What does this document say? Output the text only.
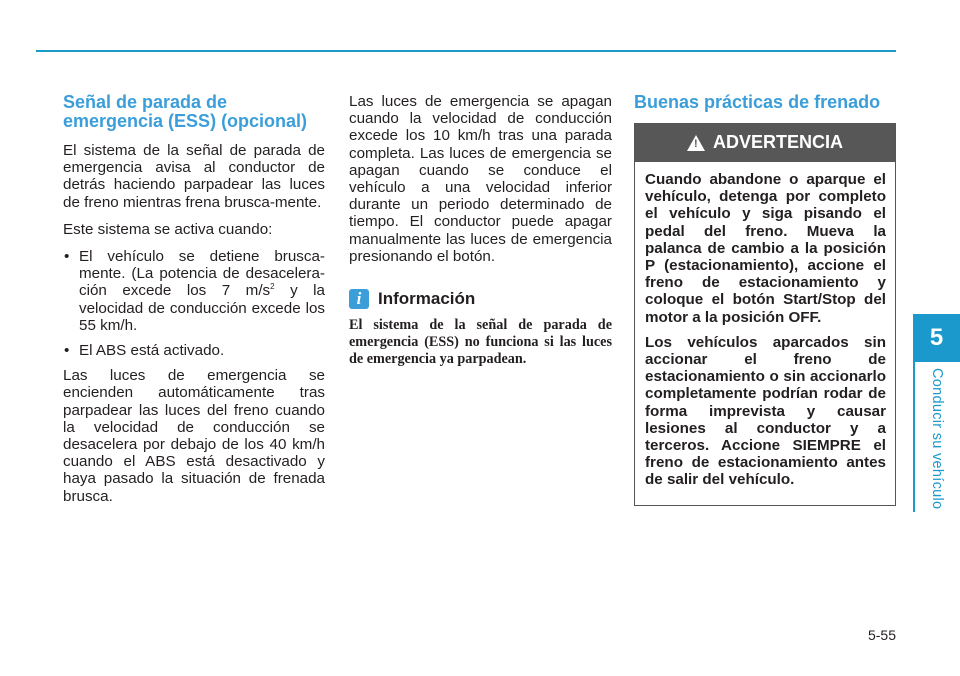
Señal de parada de emergencia (ESS) (opcional)

El sistema de la señal de parada de emergencia avisa al conductor de detrás haciendo parpadear las luces de freno mientras frena brusca-mente.

Este sistema se activa cuando:

• El vehículo se detiene brusca-mente. (La potencia de desacelera-ción excede los 7 $m/s^2$ y la velocidad de conducción excede los 55 km/h.
• El ABS está activado.

Las luces de emergencia se encienden automáticamente tras parpadear las luces del freno cuando la velocidad de conducción se desacelera por debajo de los 40 km/h cuando el ABS está desactivado y haya pasado la situación de frenada brusca.

Las luces de emergencia se apagan cuando la velocidad de conducción excede los 10 km/h tras una parada completa. Las luces de emergencia se apagan cuando se conduce el vehículo a una velocidad inferior durante un periodo determinado de tiempo. El conductor puede apagar manualmente las luces de emergencia presionando el botón.

i Información
El sistema de la señal de parada de emergencia (ESS) no funciona si las luces de emergencia ya parpadean.
Buenas prácticas de frenado
! ADVERTENCIA

Cuando abandone o aparque el vehículo, detenga por completo el vehículo y siga pisando el pedal del freno. Mueva la palanca de cambio a la posición P (estacionamiento), accione el freno de estacionamiento y coloque el botón Start/Stop del motor a la posición OFF.

Los vehículos aparcados sin accionar el freno de estacionamiento o sin accionarlo completamente podrían rodar de forma imprevista y causar lesiones al conductor y a terceros. Accione SIEMPRE el freno de estacionamiento antes de salir del vehículo.

5
Conducir su vehículo
5-55
